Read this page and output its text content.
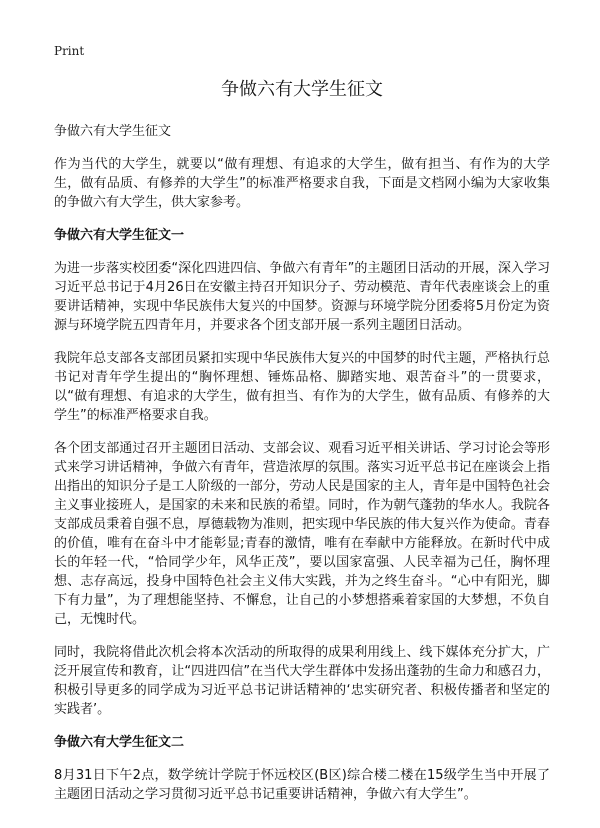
Print
争做六有大学生征文

争做六有大学生征文

作为当代的大学生，就要以“做有理想、有追求的大学生，做有担当、有作为的大学生，做有品质、有修养的大学生”的标准严格要求自我，下面是文档网小编为大家收集的争做六有大学生，供大家参考。

争做六有大学生征文一

为进一步落实校团委“深化四进四信、争做六有青年”的主题团日活动的开展，深入学习习近平总书记于4月26日在安徽主持召开知识分子、劳动模范、青年代表座谈会上的重要讲话精神，实现中华民族伟大复兴的中国梦。资源与环境学院分团委将5月份定为资源与环境学院五四青年月，并要求各个团支部开展一系列主题团日活动。

我院年总支部各支部团员紧扣实现中华民族伟大复兴的中国梦的时代主题，严格执行总书记对青年学生提出的“胸怀理想、锤炼品格、脚踏实地、艰苦奋斗”的一贯要求，以“做有理想、有追求的大学生，做有担当、有作为的大学生，做有品质、有修养的大学生”的标准严格要求自我。

各个团支部通过召开主题团日活动、支部会议、观看习近平相关讲话、学习讨论会等形式来学习讲话精神，争做六有青年，营造浓厚的氛围。落实习近平总书记在座谈会上指出指出的知识分子是工人阶级的一部分，劳动人民是国家的主人，青年是中国特色社会主义事业接班人，是国家的未来和民族的希望。同时，作为朝气蓬勃的华水人。我院各支部成员秉着自强不息，厚德载物为准则，把实现中华民族的伟大复兴作为使命。青春的价值，唯有在奋斗中才能彰显;青春的激情，唯有在奉献中方能释放。在新时代中成长的年轻一代，“恰同学少年，风华正茂”，要以国家富强、人民幸福为己任，胸怀理想、志存高远，投身中国特色社会主义伟大实践，并为之终生奋斗。“心中有阳光，脚下有力量”，为了理想能坚持、不懈怠，让自己的小梦想搭乘着家国的大梦想，不负自己，无愧时代。

同时，我院将借此次机会将本次活动的所取得的成果利用线上、线下媒体充分扩大，广泛开展宣传和教育，让“四进四信”在当代大学生群体中发扬出蓬勃的生命力和感召力，积极引导更多的同学成为习近平总书记讲话精神的‘忠实研究者、积极传播者和坚定的实践者’。

争做六有大学生征文二

8月31日下午2点，数学统计学院于怀远校区(B区)综合楼二楼在15级学生当中开展了主题团日活动之学习贯彻习近平总书记重要讲话精神，争做六有大学生”。
